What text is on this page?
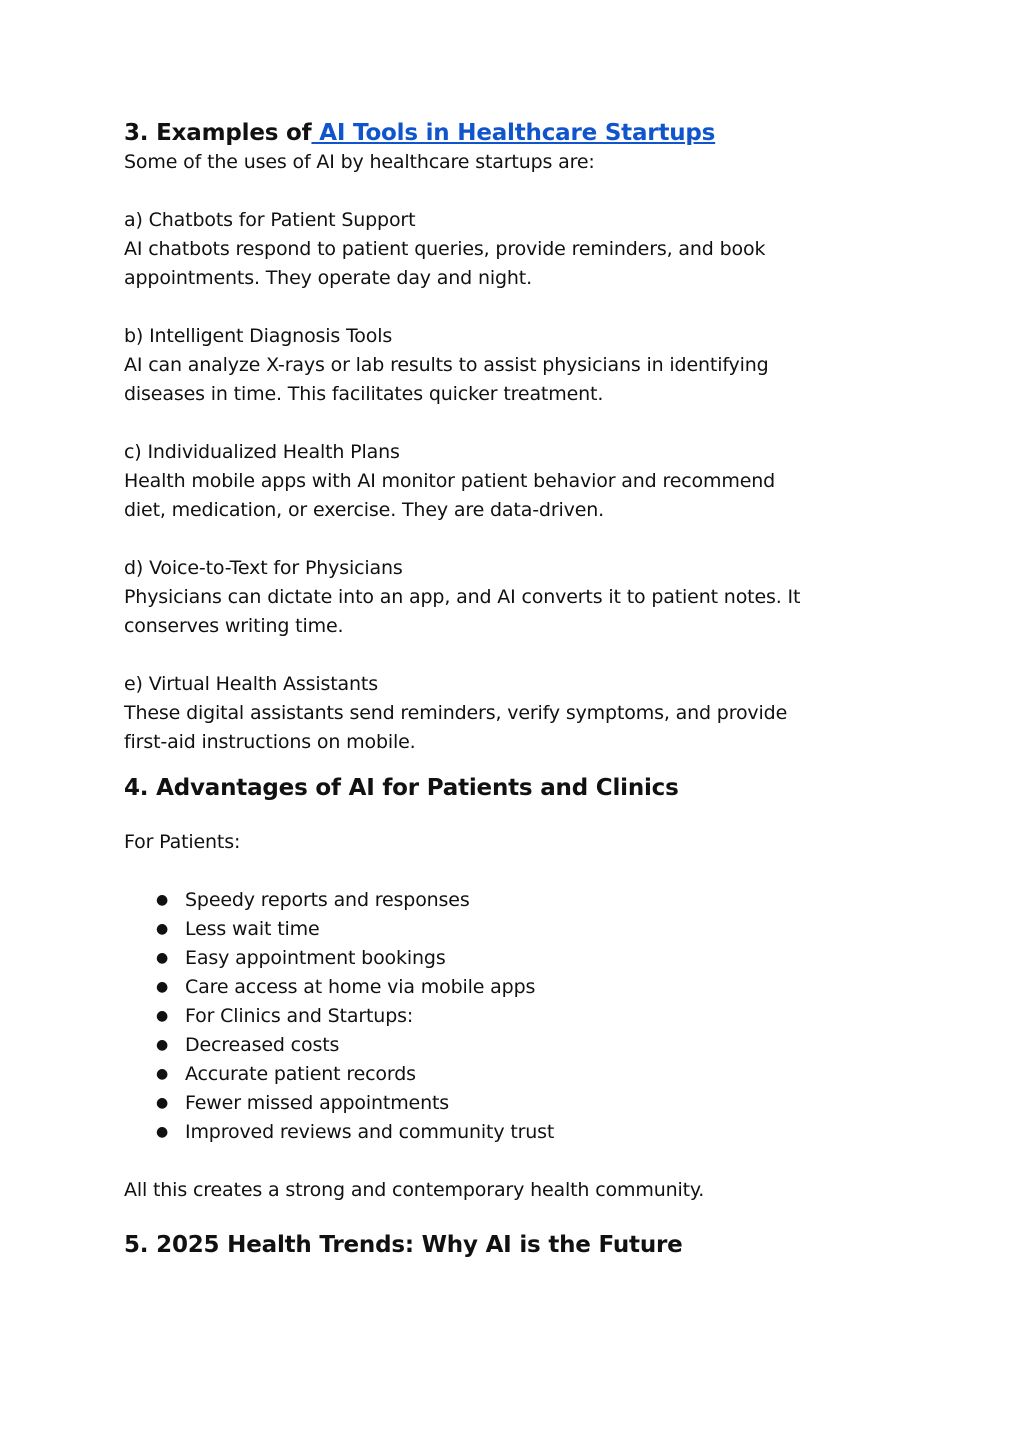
3. Examples of AI Tools in Healthcare Startups

Some of the uses of AI by healthcare startups are:

a) Chatbots for Patient Support

AI chatbots respond to patient queries, provide reminders, and book

appointments. They operate day and night.

b) Intelligent Diagnosis Tools

AI can analyze X-rays or lab results to assist physicians in identifying

diseases in time. This facilitates quicker treatment.

c) Individualized Health Plans

Health mobile apps with AI monitor patient behavior and recommend

diet, medication, or exercise. They are data-driven.

d) Voice-to-Text for Physicians

Physicians can dictate into an app, and AI converts it to patient notes. It

conserves writing time.

e) Virtual Health Assistants

These digital assistants send reminders, verify symptoms, and provide

first-aid instructions on mobile.

4. Advantages of AI for Patients and Clinics

For Patients:

● Speedy reports and responses
● Less wait time
● Easy appointment bookings
● Care access at home via mobile apps
● For Clinics and Startups:
● Decreased costs
● Accurate patient records
● Fewer missed appointments
● Improved reviews and community trust

All this creates a strong and contemporary health community.

5. 2025 Health Trends: Why AI is the Future
